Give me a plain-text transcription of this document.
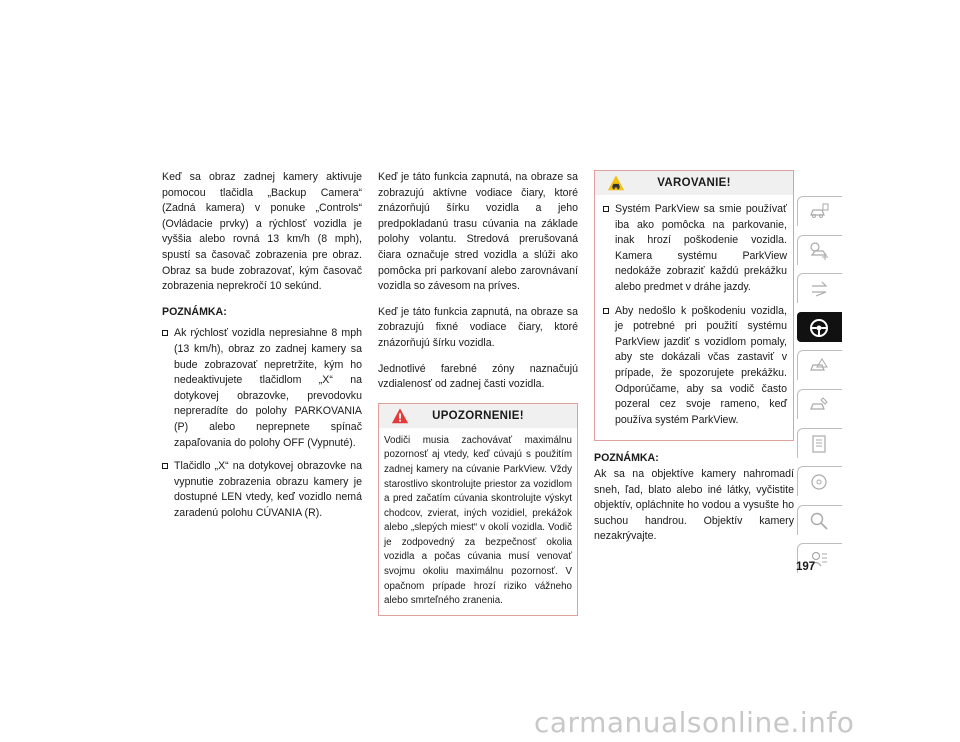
Keď sa obraz zadnej kamery aktivuje pomocou tlačidla „Backup Camera“ (Zadná kamera) v ponuke „Controls“ (Ovládacie prvky) a rýchlosť vozidla je vyššia alebo rovná 13 km/h (8 mph), spustí sa časovač zobrazenia pre obraz. Obraz sa bude zobrazovať, kým časovač zobrazenia neprekročí 10 sekúnd.

POZNÁMKA:
Ak rýchlosť vozidla nepresiahne 8 mph (13 km/h), obraz zo zadnej kamery sa bude zobrazovať nepretržite, kým ho nedeaktivujete tlačidlom „X“ na dotykovej obrazovke, prevodovku nepreradíte do polohy PARKOVANIA (P) alebo neprepnete spínač zapaľovania do polohy OFF (Vypnuté).
Tlačidlo „X“ na dotykovej obrazovke na vypnutie zobrazenia obrazu kamery je dostupné LEN vtedy, keď vozidlo nemá zaradenú polohu CÚVANIA (R).

Keď je táto funkcia zapnutá, na obraze sa zobrazujú aktívne vodiace čiary, ktoré znázorňujú šírku vozidla a jeho predpokladanú trasu cúvania na základe polohy volantu. Stredová prerušovaná čiara označuje stred vozidla a slúži ako pomôcka pri parkovaní alebo zarovnávaní vozidla so závesom na príves.

Keď je táto funkcia zapnutá, na obraze sa zobrazujú fixné vodiace čiary, ktoré znázorňujú šírku vozidla.

Jednotlivé farebné zóny naznačujú vzdialenosť od zadnej časti vozidla.

UPOZORNENIE!
Vodiči musia zachovávať maximálnu pozornosť aj vtedy, keď cúvajú s použitím zadnej kamery na cúvanie ParkView. Vždy starostlivo skontrolujte priestor za vozidlom a pred začatím cúvania skontrolujte výskyt chodcov, zvierat, iných vozidiel, prekážok alebo „slepých miest“ v okolí vozidla. Vodič je zodpovedný za bezpečnosť okolia vozidla a počas cúvania musí venovať svojmu okoliu maximálnu pozornosť. V opačnom prípade hrozí riziko vážneho alebo smrteľného zranenia.
VAROVANIE!
Systém ParkView sa smie používať iba ako pomôcka na parkovanie, inak hrozí poškodenie vozidla. Kamera systému ParkView nedokáže zobraziť každú prekážku alebo predmet v dráhe jazdy.
Aby nedošlo k poškodeniu vozidla, je potrebné pri použití systému ParkView jazdiť s vozidlom pomaly, aby ste dokázali včas zastaviť v prípade, že spozorujete prekážku. Odporúčame, aby sa vodič často pozeral cez svoje rameno, keď používa systém ParkView.
POZNÁMKA:

Ak sa na objektíve kamery nahromadí sneh, ľad, blato alebo iné látky, vyčistite objektív, opláchnite ho vodou a vysušte ho suchou handrou. Objektív kamery nezakrývajte.

197
carmanualsonline.info
